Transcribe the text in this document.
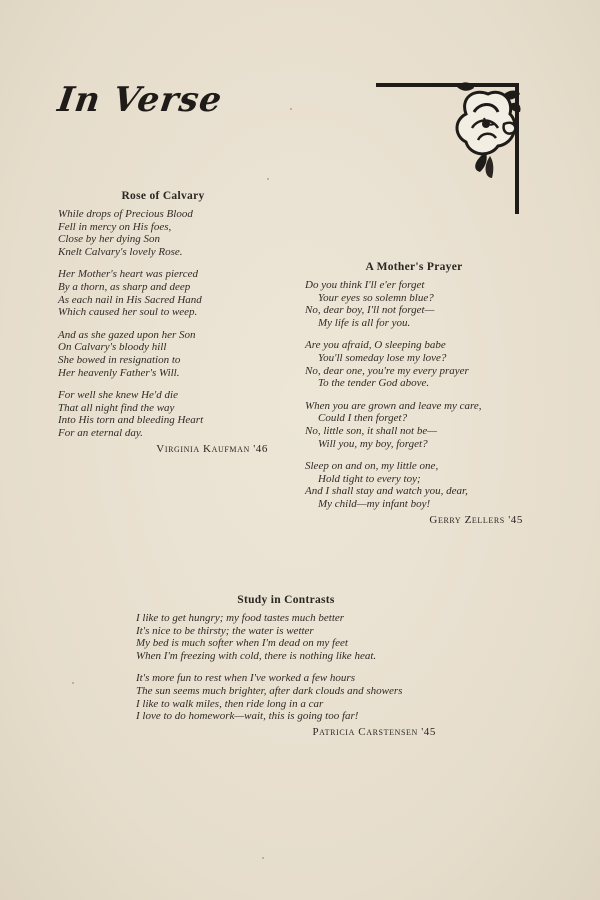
In Verse
Rose of Calvary
While drops of Precious Blood
Fell in mercy on His foes,
Close by her dying Son
Knelt Calvary's lovely Rose.
Her Mother's heart was pierced
By a thorn, as sharp and deep
As each nail in His Sacred Hand
Which caused her soul to weep.
And as she gazed upon her Son
On Calvary's bloody hill
She bowed in resignation to
Her heavenly Father's Will.
For well she knew He'd die
That all night find the way
Into His torn and bleeding Heart
For an eternal day.
Virginia Kaufman '46
A Mother's Prayer
Do you think I'll e'er forget
Your eyes so solemn blue?
No, dear boy, I'll not forget—
My life is all for you.
Are you afraid, O sleeping babe
You'll someday lose my love?
No, dear one, you're my every prayer
To the tender God above.
When you are grown and leave my care,
Could I then forget?
No, little son, it shall not be—
Will you, my boy, forget?
Sleep on and on, my little one,
Hold tight to every toy;
And I shall stay and watch you, dear,
My child—my infant boy!
Gerry Zellers '45
Study in Contrasts
I like to get hungry; my food tastes much better
It's nice to be thirsty; the water is wetter
My bed is much softer when I'm dead on my feet
When I'm freezing with cold, there is nothing like heat.
It's more fun to rest when I've worked a few hours
The sun seems much brighter, after dark clouds and showers
I like to walk miles, then ride long in a car
I love to do homework—wait, this is going too far!
Patricia Carstensen '45
